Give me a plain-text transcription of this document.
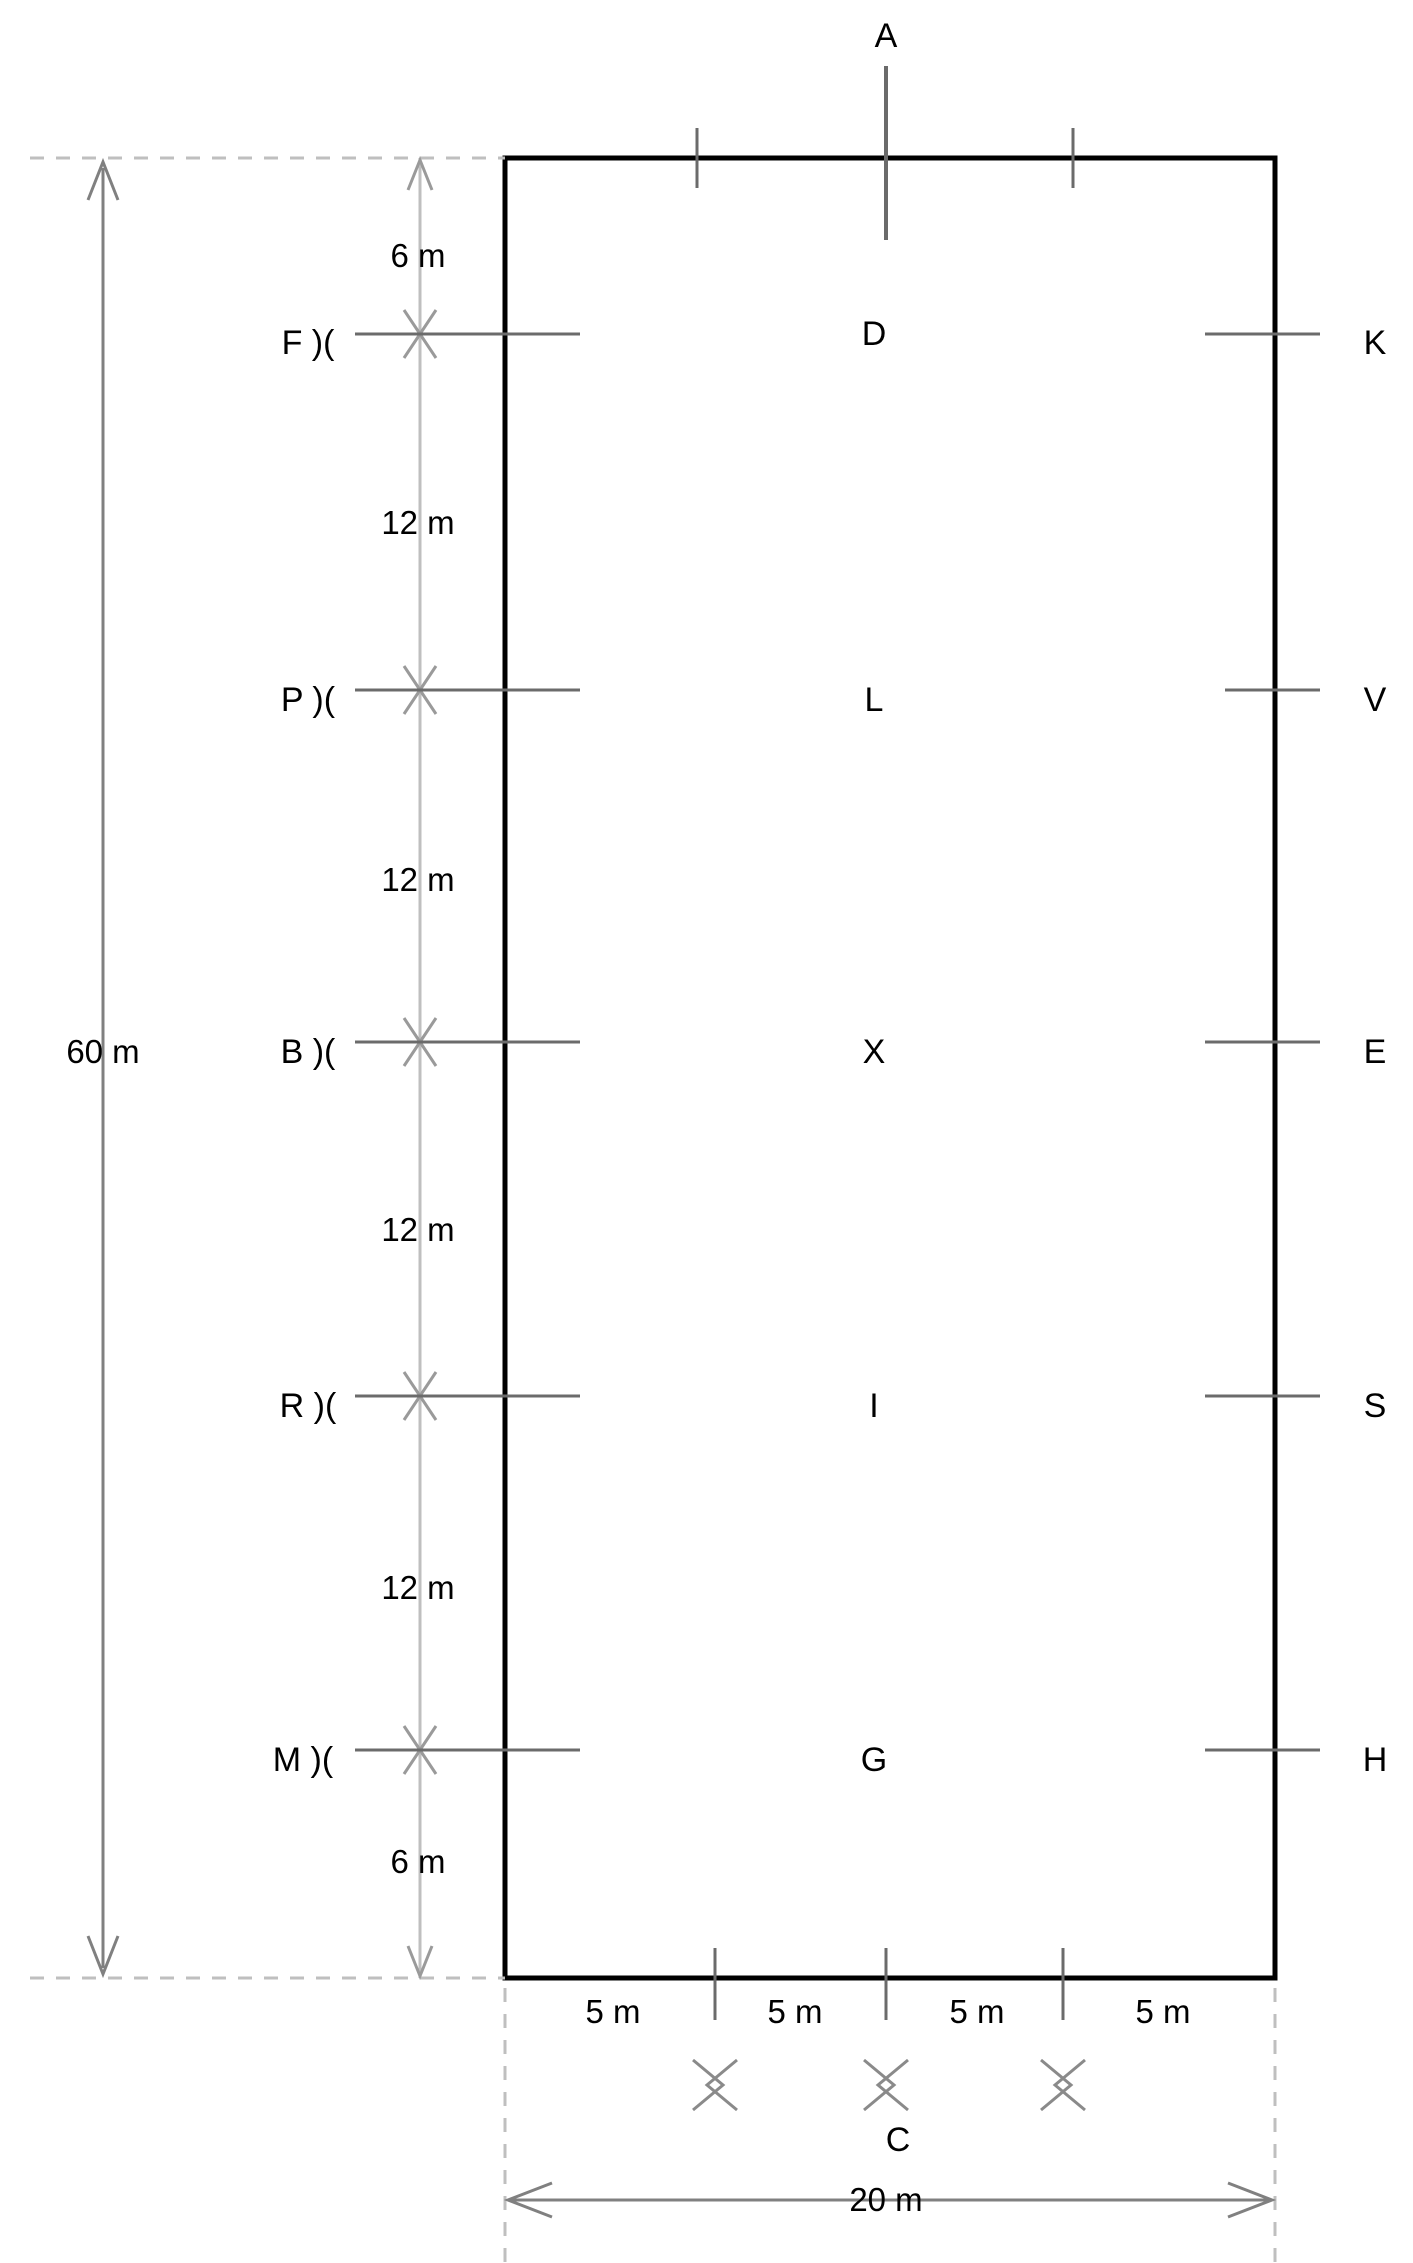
A
6 m
F )(
P )(
B )(
R )(
M )(
12 m
12 m
12 m
12 m
6 m
60 m
D
L
X
I
G
K
V
E
S
H
5 m	5 m	5 m	5 m
C
20 m
